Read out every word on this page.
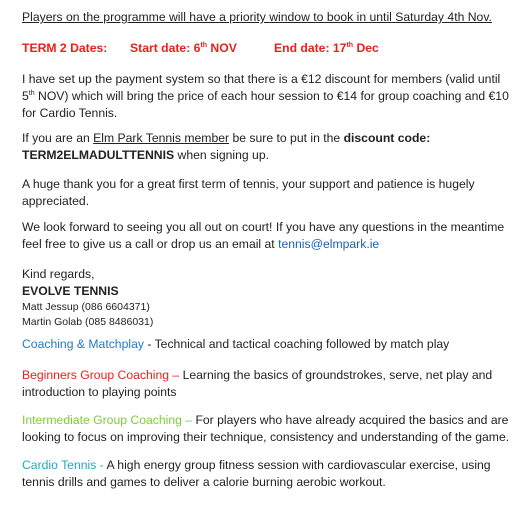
Players on the programme will have a priority window to book in until Saturday 4th Nov.

TERM 2 Dates: Start date: 6th NOV	End date: 17th Dec

I have set up the payment system so that there is a €12 discount for members (valid until 5th NOV) which will bring the price of each hour session to €14 for group coaching and €10 for Cardio Tennis.

If you are an Elm Park Tennis member be sure to put in the discount code:
TERM2ELMADULTTENNIS when signing up.

A huge thank you for a great first term of tennis, your support and patience is hugely appreciated.

We look forward to seeing you all out on court! If you have any questions in the meantime feel free to give us a call or drop us an email at tennis@elmpark.ie

Kind regards,
EVOLVE TENNIS
Matt Jessup (086 6604371)
Martin Golab (085 8486031)

Coaching & Matchplay - Technical and tactical coaching followed by match play

Beginners Group Coaching – Learning the basics of groundstrokes, serve, net play and introduction to playing points

Intermediate Group Coaching – For players who have already acquired the basics and are looking to focus on improving their technique, consistency and understanding of the game.

Cardio Tennis - A high energy group fitness session with cardiovascular exercise, using tennis drills and games to deliver a calorie burning aerobic workout.
